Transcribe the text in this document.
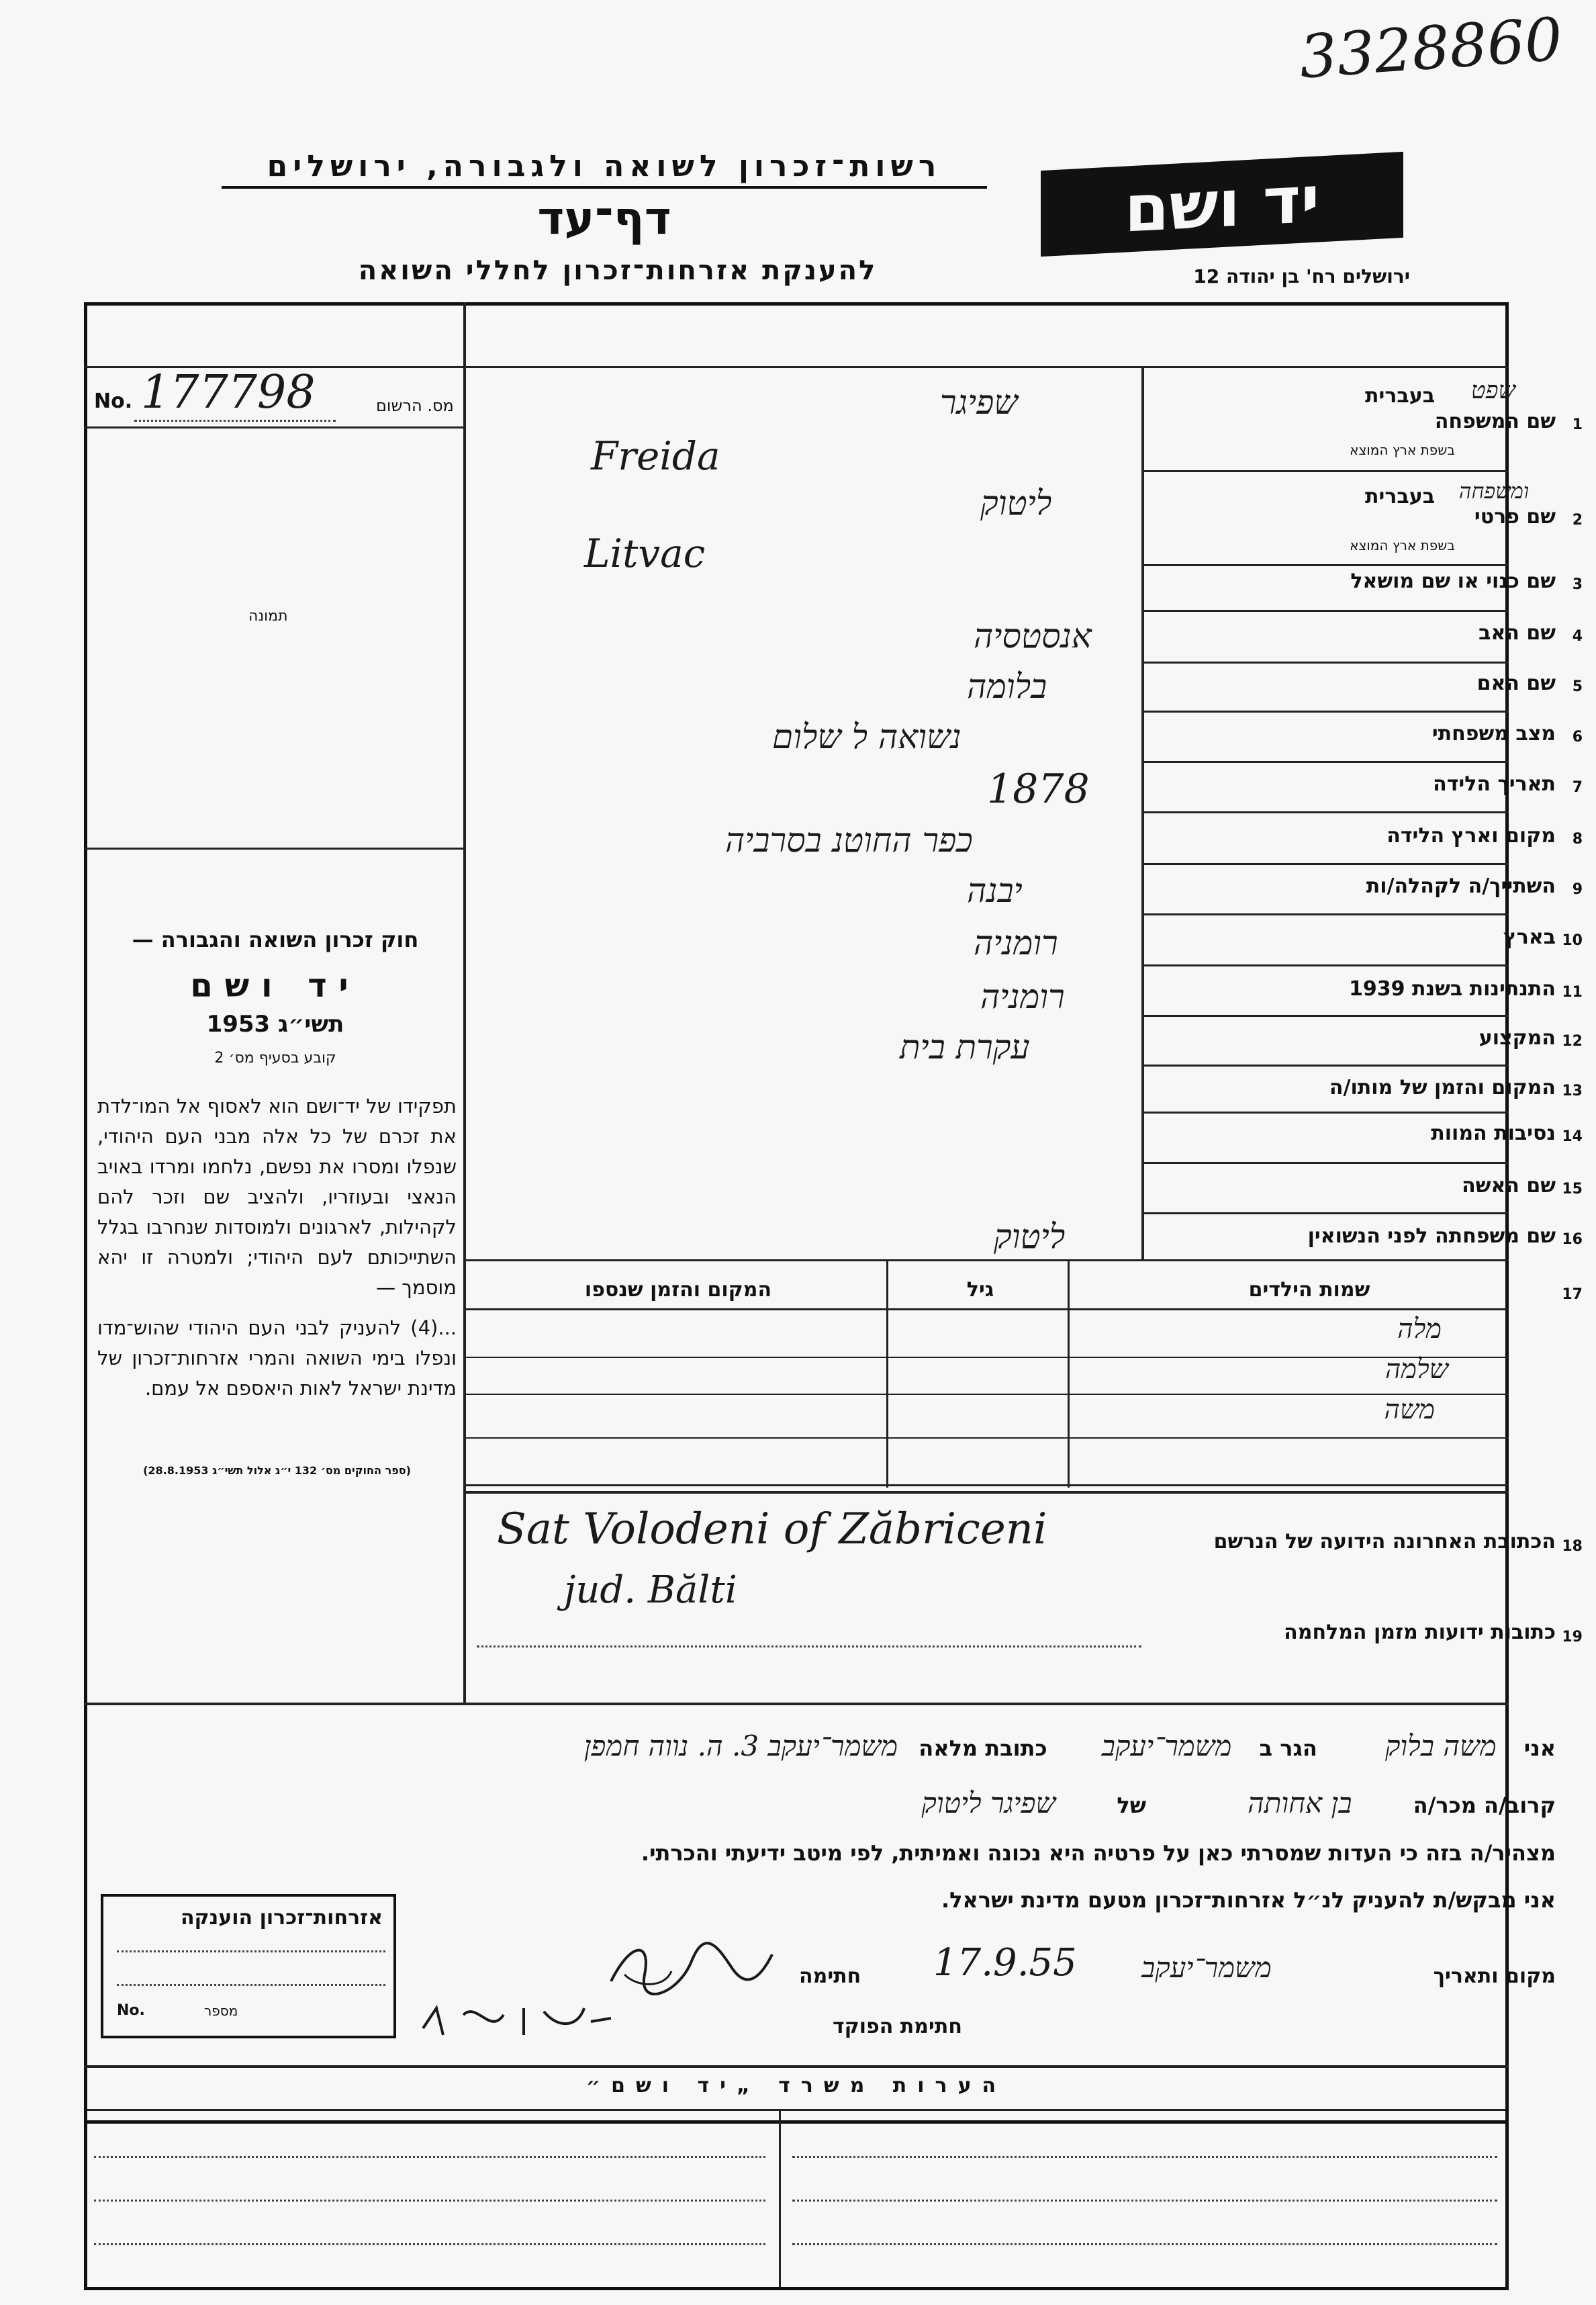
3328860
רשות־זכרון לשואה ולגבורה, ירושלים
דף־עד
להענקת אזרחות־זכרון לחללי השואה
יד ושם
ירושלים רח' בן יהודה 12
No. 177798	מס. הרשום
תמונה
חוק זכרון השואה והגבורה —
יד ושם
תשי״ג 1953
קובע בסעיף מס׳ 2
תפקידו של יד־ושם הוא לאסוף אל המו־לדת את זכרם של כל אלה מבני העם היהודי, שנפלו ומסרו את נפשם, נלחמו ומרדו באויב הנאצי ובעוזריו, ולהציב שם וזכר להם לקהילות, לארגונים ולמוסדות שנחרבו בגלל השתייכותם לעם היהודי; ולמטרה זו יהא מוסמך —
...(4) להעניק לבני העם היהודי שהוש־מדו ונפלו בימי השואה והמרי אזרחות־זכרון של מדינת ישראל לאות היאספם אל עמם.
(ספר החוקים מס׳ 132 י״ג אלול תשי״ג 28.8.1953)
1
שם המשפחה
בעברית שפט
בשפת ארץ המוצא
שפיגר
Freida
2
שם פרטי
בעברית ומשפחה
בשפת ארץ המוצא
ליטוק
Litvac
3
שם כנוי או שם מושאל
4
שם האב
אנסטסיה
5
שם האם
בלומה
6
מצב משפחתי
נשואה ל שלום
7
תאריך הלידה
1878
8
מקום וארץ הלידה
כפר החוטנ בסרביה
9
השתייך/ה לקהלה/ות
יבנה
10
בארץ
רומניה
11
התנתינות בשנת 1939
רומניה
12
המקצוע
עקרת בית
13
המקום והזמן של מותו/ה
14
נסיבות המוות
15
שם האשה
16
שם משפחתה לפני הנשואין
ליטוק
17
שמות הילדים
גיל
המקום והזמן שנספו
מלה
שלמה
משה
18
הכתובת האחרונה הידועה של הנרשם
Sat Volodeni of Zăbriceni
jud. Bălti
19
כתובות ידועות מזמן המלחמה
אני משה בלוק הגר ב משמר־יעקב כתובת מלאה משמר־יעקב 3. ה. נווה חמפן
קרוב/ה מכר/ה בן אחותה של שפיגר ליטוק
מצהיר/ה בזה כי העדות שמסרתי כאן על פרטיה היא נכונה ואמיתית, לפי מיטב ידיעתי והכרתי.
אני מבקש/ת להעניק לנ״ל אזרחות־זכרון מטעם מדינת ישראל.
מקום ותאריך
משמר־יעקב
17.9.55
חתימה
חתימת הפוקד
אזרחות־זכרון הוענקה
No.	מספר
הערות משרד „יד ושם״
